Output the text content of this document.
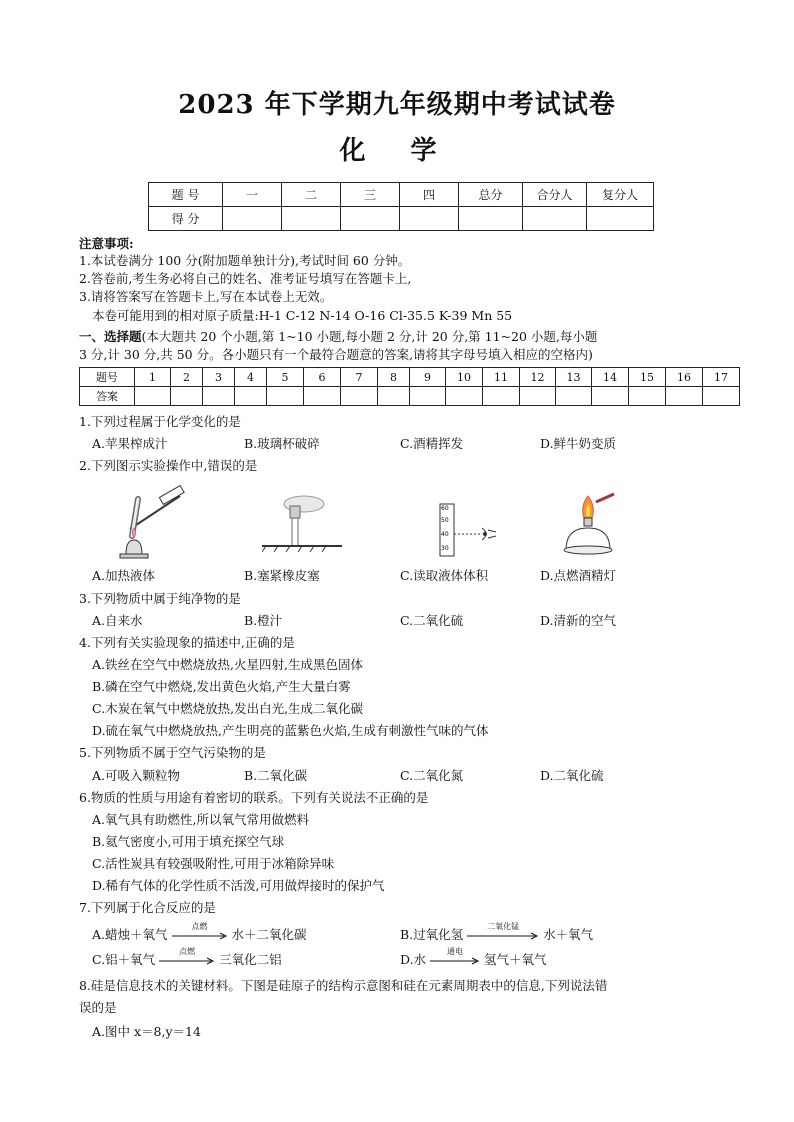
2023 年下学期九年级期中考试试卷
化 学
题 号	一	二	三	四	总分	合分人	复分人
得 分							
注意事项:
1.本试卷满分 100 分(附加题单独计分),考试时间 60 分钟。
2.答卷前,考生务必将自己的姓名、准考证号填写在答题卡上,
3.请将答案写在答题卡上,写在本试卷上无效。
本卷可能用到的相对原子质量:H-1 C-12 N-14 O-16 Cl-35.5 K-39 Mn 55
一、选择题(本大题共 20 个小题,第 1~10 小题,每小题 2 分,计 20 分,第 11~20 小题,每小题
3 分,计 30 分,共 50 分。各小题只有一个最符合题意的答案,请将其字母号填入相应的空格内)
题号	1	2	3	4	5	6	7	8	9	10	11	12	13	14	15	16	17
答案																	
1.下列过程属于化学变化的是
A.苹果榨成汁	B.玻璃杯破碎	C.酒精挥发	D.鲜牛奶变质
2.下列图示实验操作中,错误的是
60
50
40
30
A.加热液体	B.塞紧橡皮塞	C.读取液体体积	D.点燃酒精灯
3.下列物质中属于纯净物的是
A.自来水	B.橙汁	C.二氧化硫	D.清新的空气
4.下列有关实验现象的描述中,正确的是
A.铁丝在空气中燃烧放热,火星四射,生成黑色固体
B.磷在空气中燃烧,发出黄色火焰,产生大量白雾
C.木炭在氧气中燃烧放热,发出白光,生成二氧化碳
D.硫在氧气中燃烧放热,产生明亮的蓝紫色火焰,生成有刺激性气味的气体
5.下列物质不属于空气污染物的是
A.可吸入颗粒物	B.二氧化碳	C.二氧化氮	D.二氧化硫
6.物质的性质与用途有着密切的联系。下列有关说法不正确的是
A.氧气具有助燃性,所以氧气常用做燃料
B.氦气密度小,可用于填充探空气球
C.活性炭具有较强吸附性,可用于冰箱除异味
D.稀有气体的化学性质不活泼,可用做焊接时的保护气
7.下列属于化合反应的是
A.蜡烛＋氧气
点燃
水＋二氧化碳	B.过氧化氢
二氧化锰
水＋氧气
C.铝＋氧气
点燃
三氧化二铝	D.水
通电
氢气＋氧气
8.硅是信息技术的关键材料。下图是硅原子的结构示意图和硅在元素周期表中的信息,下列说法错
误的是
A.图中 x＝8,y＝14
